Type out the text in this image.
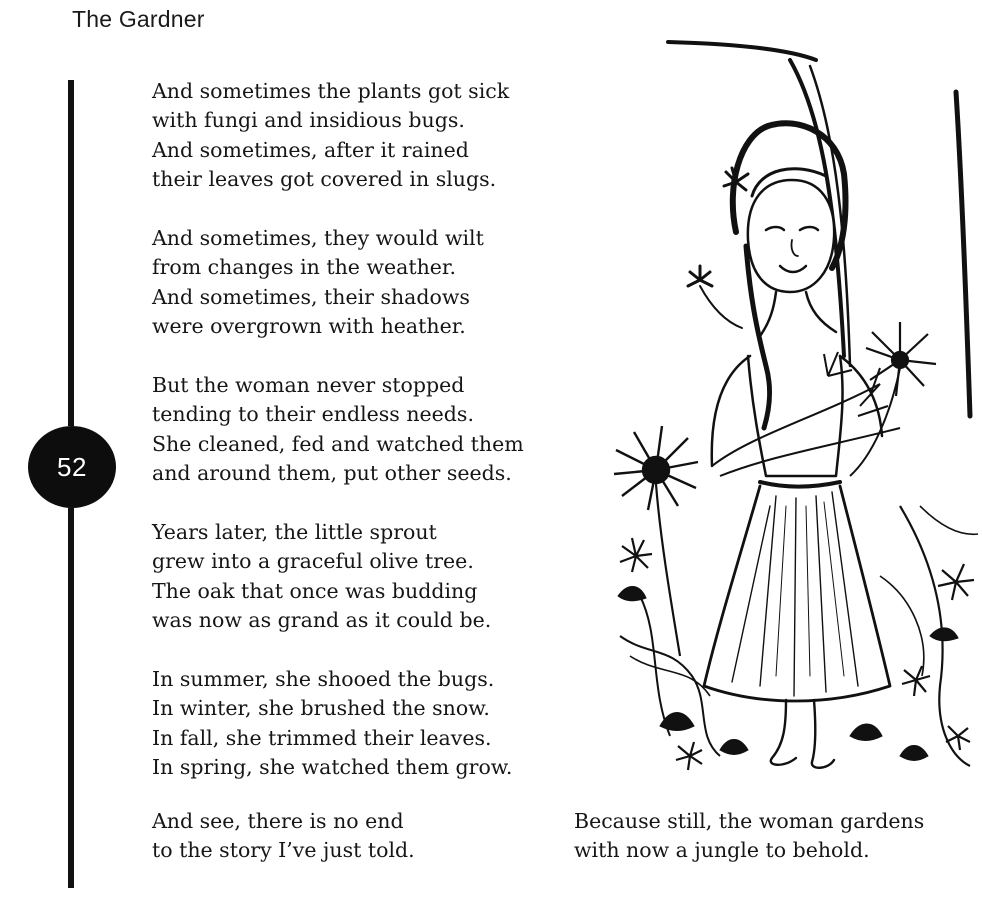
The Gardner
52
And sometimes the plants got sick
with fungi and insidious bugs.
And sometimes, after it rained
their leaves got covered in slugs.
And sometimes, they would wilt
from changes in the weather.
And sometimes, their shadows
were overgrown with heather.
But the woman never stopped
tending to their endless needs.
She cleaned, fed and watched them
and around them, put other seeds.
Years later, the little sprout
grew into a graceful olive tree.
The oak that once was budding
was now as grand as it could be.
In summer, she shooed the bugs.
In winter, she brushed the snow.
In fall, she trimmed their leaves.
In spring, she watched them grow.
And see, there is no end
to the story I’ve just told.
Because still, the woman gardens
with now a jungle to behold.
